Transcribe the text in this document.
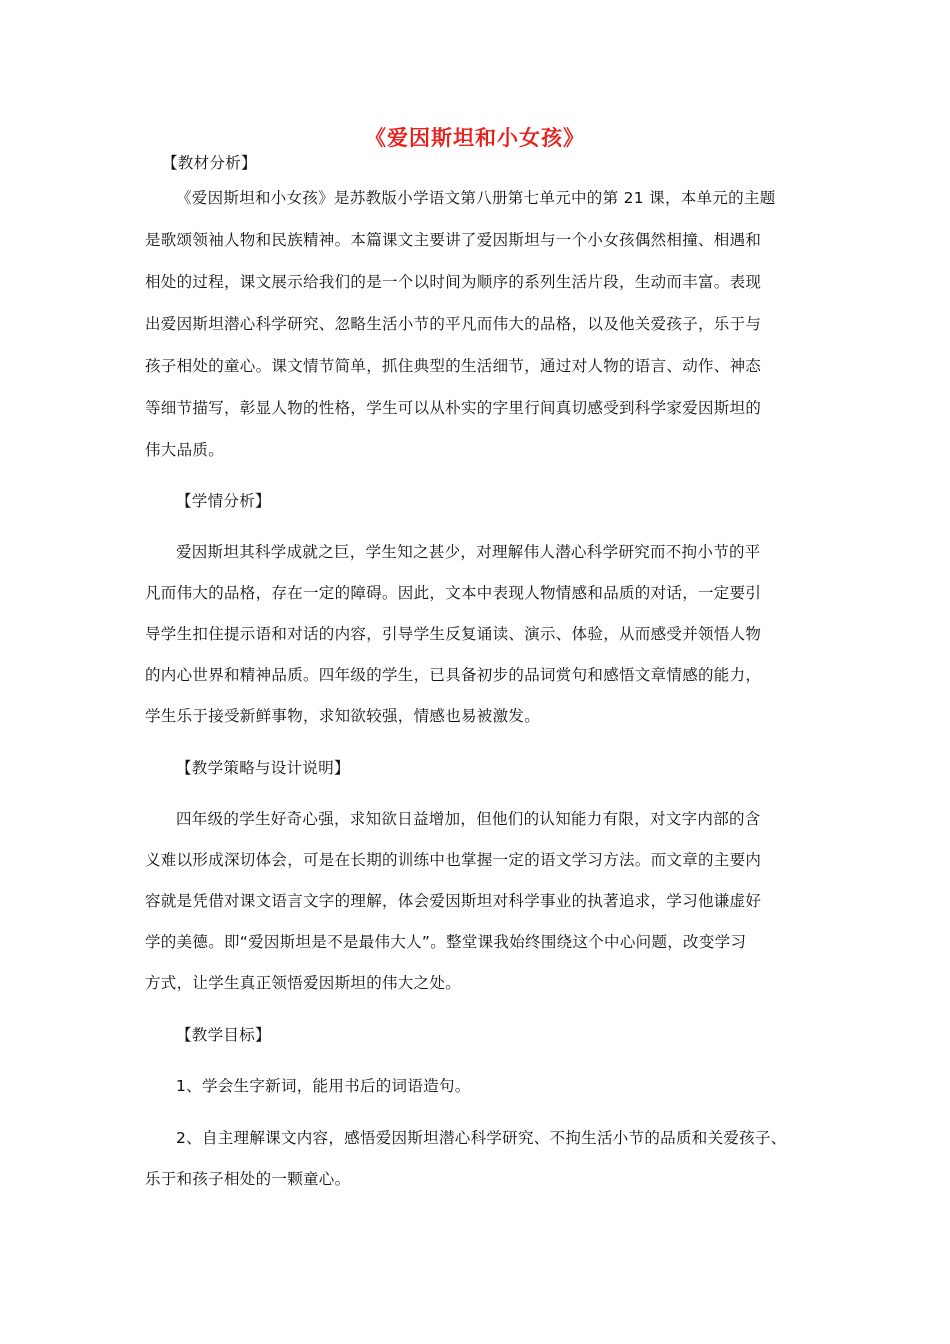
《爱因斯坦和小女孩》
【教材分析】
《爱因斯坦和小女孩》是苏教版小学语文第八册第七单元中的第 21 课，本单元的主题
是歌颂领袖人物和民族精神。本篇课文主要讲了爱因斯坦与一个小女孩偶然相撞、相遇和
相处的过程，课文展示给我们的是一个以时间为顺序的系列生活片段，生动而丰富。表现
出爱因斯坦潜心科学研究、忽略生活小节的平凡而伟大的品格，以及他关爱孩子，乐于与
孩子相处的童心。课文情节简单，抓住典型的生活细节，通过对人物的语言、动作、神态
等细节描写，彰显人物的性格，学生可以从朴实的字里行间真切感受到科学家爱因斯坦的
伟大品质。
【学情分析】
爱因斯坦其科学成就之巨，学生知之甚少，对理解伟人潜心科学研究而不拘小节的平
凡而伟大的品格，存在一定的障碍。因此，文本中表现人物情感和品质的对话，一定要引
导学生扣住提示语和对话的内容，引导学生反复诵读、演示、体验，从而感受并领悟人物
的内心世界和精神品质。四年级的学生，已具备初步的品词赏句和感悟文章情感的能力，
学生乐于接受新鲜事物，求知欲较强，情感也易被激发。
【教学策略与设计说明】
四年级的学生好奇心强，求知欲日益增加，但他们的认知能力有限，对文字内部的含
义难以形成深切体会，可是在长期的训练中也掌握一定的语文学习方法。而文章的主要内
容就是凭借对课文语言文字的理解，体会爱因斯坦对科学事业的执著追求，学习他谦虚好
学的美德。即“爱因斯坦是不是最伟大人”。整堂课我始终围绕这个中心问题，改变学习
方式，让学生真正领悟爱因斯坦的伟大之处。
【教学目标】
1、学会生字新词，能用书后的词语造句。
2、自主理解课文内容，感悟爱因斯坦潜心科学研究、不拘生活小节的品质和关爱孩子、
乐于和孩子相处的一颗童心。
